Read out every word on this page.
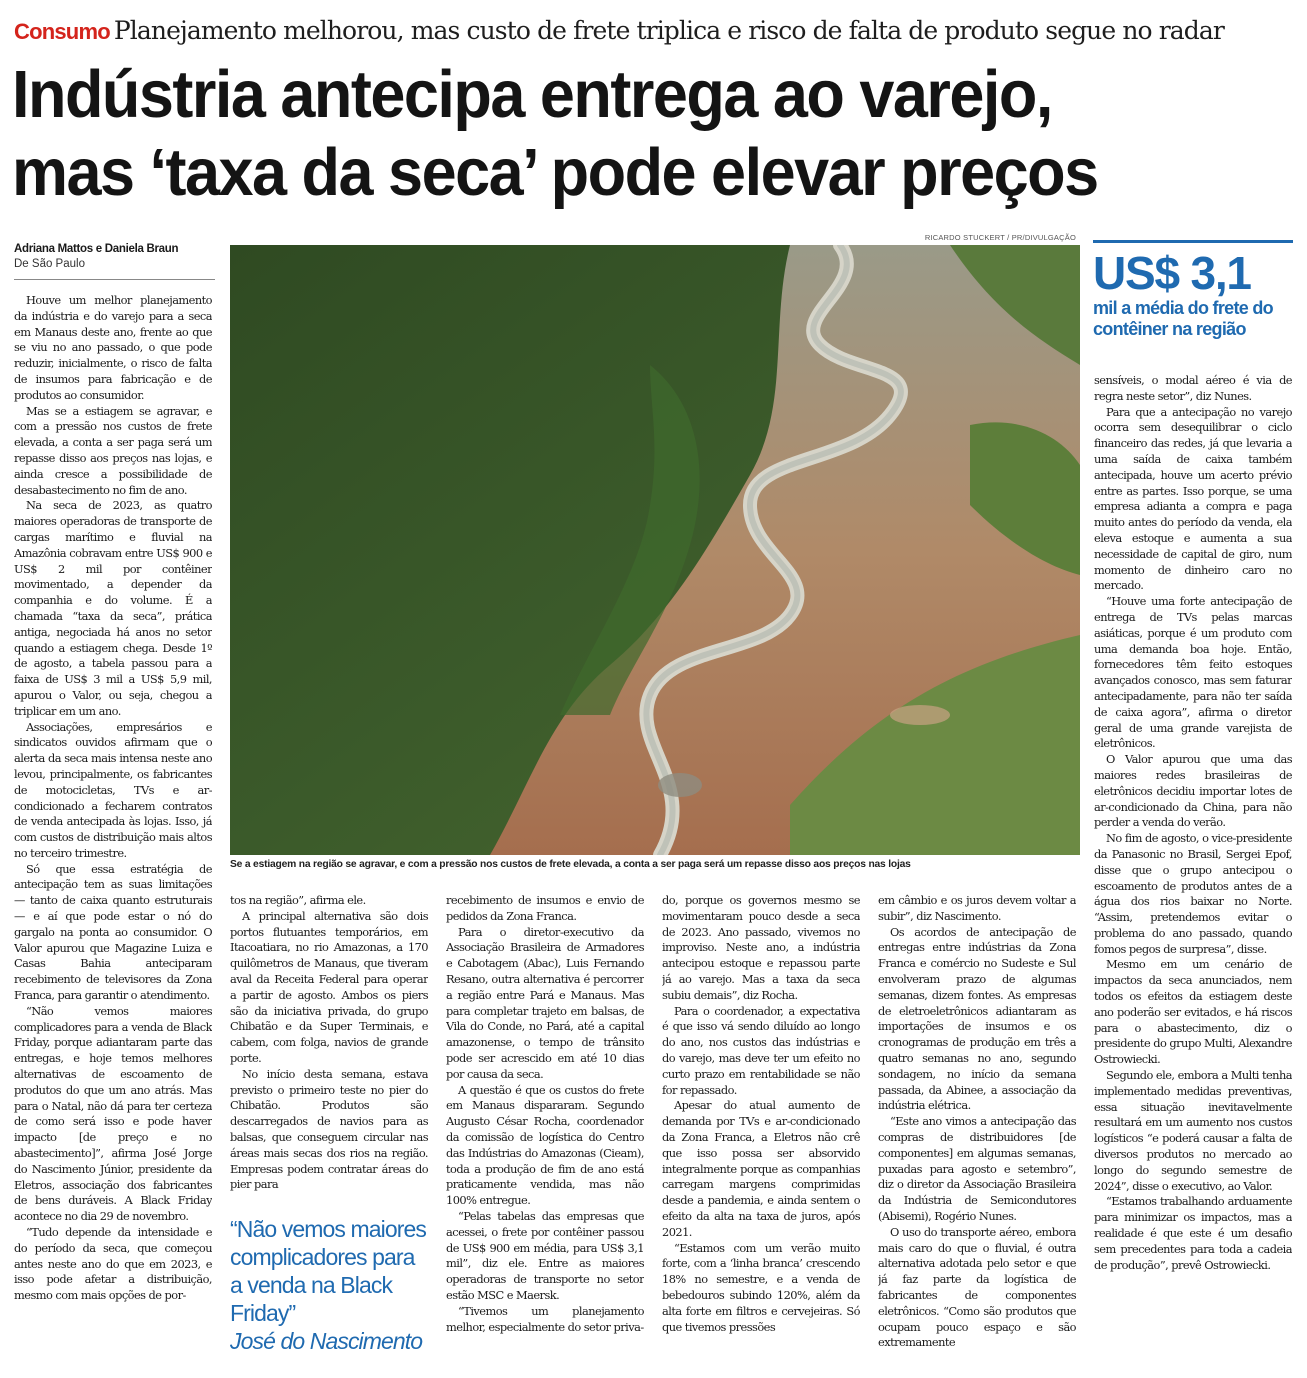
Consumo Planejamento melhorou, mas custo de frete triplica e risco de falta de produto segue no radar
Indústria antecipa entrega ao varejo,
mas ‘taxa da seca’ pode elevar preços
Adriana Mattos e Daniela Braun
De São Paulo
RICARDO STUCKERT / PR/DIVULGAÇÃO
Se a estiagem na região se agravar, e com a pressão nos custos de frete elevada, a conta a ser paga será um repasse disso aos preços nas lojas
US$ 3,1
mil a média do frete do contêiner na região

Houve um melhor planejamento da indústria e do varejo para a seca em Manaus deste ano, frente ao que se viu no ano passado, o que pode reduzir, inicialmente, o risco de falta de insumos para fabricação e de produtos ao consumidor.

Mas se a estiagem se agravar, e com a pressão nos custos de frete elevada, a conta a ser paga será um repasse disso aos preços nas lojas, e ainda cresce a possibilidade de desabastecimento no fim de ano.

Na seca de 2023, as quatro maiores operadoras de transporte de cargas marítimo e fluvial na Amazônia cobravam entre US$ 900 e US$ 2 mil por contêiner movimentado, a depender da companhia e do volume. É a chamada “taxa da seca”, prática antiga, negociada há anos no setor quando a estiagem chega. Desde 1º de agosto, a tabela passou para a faixa de US$ 3 mil a US$ 5,9 mil, apurou o Valor, ou seja, chegou a triplicar em um ano.

Associações, empresários e sindicatos ouvidos afirmam que o alerta da seca mais intensa neste ano levou, principalmente, os fabricantes de motocicletas, TVs e ar-condicionado a fecharem contratos de venda antecipada às lojas. Isso, já com custos de distribuição mais altos no terceiro trimestre.

Só que essa estratégia de antecipação tem as suas limitações — tanto de caixa quanto estruturais — e aí que pode estar o nó do gargalo na ponta ao consumidor. O Valor apurou que Magazine Luiza e Casas Bahia anteciparam recebimento de televisores da Zona Franca, para garantir o atendimento.

“Não vemos maiores complicadores para a venda de Black Friday, porque adiantaram parte das entregas, e hoje temos melhores alternativas de escoamento de produtos do que um ano atrás. Mas para o Natal, não dá para ter certeza de como será isso e pode haver impacto [de preço e no abastecimento]”, afirma José Jorge do Nascimento Júnior, presidente da Eletros, associação dos fabricantes de bens duráveis. A Black Friday acontece no dia 29 de novembro.

“Tudo depende da intensidade e do período da seca, que começou antes neste ano do que em 2023, e isso pode afetar a distribuição, mesmo com mais opções de por-

tos na região”, afirma ele.

A principal alternativa são dois portos flutuantes temporários, em Itacoatiara, no rio Amazonas, a 170 quilômetros de Manaus, que tiveram aval da Receita Federal para operar a partir de agosto. Ambos os piers são da iniciativa privada, do grupo Chibatão e da Super Terminais, e cabem, com folga, navios de grande porte.

No início desta semana, estava previsto o primeiro teste no pier do Chibatão. Produtos são descarregados de navios para as balsas, que conseguem circular nas áreas mais secas dos rios na região. Empresas podem contratar áreas do pier para

recebimento de insumos e envio de pedidos da Zona Franca.

Para o diretor-executivo da Associação Brasileira de Armadores e Cabotagem (Abac), Luis Fernando Resano, outra alternativa é percorrer a região entre Pará e Manaus. Mas para completar trajeto em balsas, de Vila do Conde, no Pará, até a capital amazonense, o tempo de trânsito pode ser acrescido em até 10 dias por causa da seca.

A questão é que os custos do frete em Manaus dispararam. Segundo Augusto César Rocha, coordenador da comissão de logística do Centro das Indústrias do Amazonas (Cieam), toda a produção de fim de ano está praticamente vendida, mas não 100% entregue.

“Pelas tabelas das empresas que acessei, o frete por contêiner passou de US$ 900 em média, para US$ 3,1 mil”, diz ele. Entre as maiores operadoras de transporte no setor estão MSC e Maersk.

“Tivemos um planejamento melhor, especialmente do setor priva-

do, porque os governos mesmo se movimentaram pouco desde a seca de 2023. Ano passado, vivemos no improviso. Neste ano, a indústria antecipou estoque e repassou parte já ao varejo. Mas a taxa da seca subiu demais”, diz Rocha.

Para o coordenador, a expectativa é que isso vá sendo diluído ao longo do ano, nos custos das indústrias e do varejo, mas deve ter um efeito no curto prazo em rentabilidade se não for repassado.

Apesar do atual aumento de demanda por TVs e ar-condicionado da Zona Franca, a Eletros não crê que isso possa ser absorvido integralmente porque as companhias carregam margens comprimidas desde a pandemia, e ainda sentem o efeito da alta na taxa de juros, após 2021.

“Estamos com um verão muito forte, com a ‘linha branca’ crescendo 18% no semestre, e a venda de bebedouros subindo 120%, além da alta forte em filtros e cervejeiras. Só que tivemos pressões

em câmbio e os juros devem voltar a subir”, diz Nascimento.

Os acordos de antecipação de entregas entre indústrias da Zona Franca e comércio no Sudeste e Sul envolveram prazo de algumas semanas, dizem fontes. As empresas de eletroeletrônicos adiantaram as importações de insumos e os cronogramas de produção em três a quatro semanas no ano, segundo sondagem, no início da semana passada, da Abinee, a associação da indústria elétrica.

“Este ano vimos a antecipação das compras de distribuidores [de componentes] em algumas semanas, puxadas para agosto e setembro”, diz o diretor da Associação Brasileira da Indústria de Semicondutores (Abisemi), Rogério Nunes.

O uso do transporte aéreo, embora mais caro do que o fluvial, é outra alternativa adotada pelo setor e que já faz parte da logística de fabricantes de componentes eletrônicos. “Como são produtos que ocupam pouco espaço e são extremamente

sensíveis, o modal aéreo é via de regra neste setor”, diz Nunes.

Para que a antecipação no varejo ocorra sem desequilibrar o ciclo financeiro das redes, já que levaria a uma saída de caixa também antecipada, houve um acerto prévio entre as partes. Isso porque, se uma empresa adianta a compra e paga muito antes do período da venda, ela eleva estoque e aumenta a sua necessidade de capital de giro, num momento de dinheiro caro no mercado.

“Houve uma forte antecipação de entrega de TVs pelas marcas asiáticas, porque é um produto com uma demanda boa hoje. Então, fornecedores têm feito estoques avançados conosco, mas sem faturar antecipadamente, para não ter saída de caixa agora”, afirma o diretor geral de uma grande varejista de eletrônicos.

O Valor apurou que uma das maiores redes brasileiras de eletrônicos decidiu importar lotes de ar-condicionado da China, para não perder a venda do verão.

No fim de agosto, o vice-presidente da Panasonic no Brasil, Sergei Epof, disse que o grupo antecipou o escoamento de produtos antes de a água dos rios baixar no Norte. “Assim, pretendemos evitar o problema do ano passado, quando fomos pegos de surpresa”, disse.

Mesmo em um cenário de impactos da seca anunciados, nem todos os efeitos da estiagem deste ano poderão ser evitados, e há riscos para o abastecimento, diz o presidente do grupo Multi, Alexandre Ostrowiecki.

Segundo ele, embora a Multi tenha implementado medidas preventivas, essa situação inevitavelmente resultará em um aumento nos custos logísticos “e poderá causar a falta de diversos produtos no mercado ao longo do segundo semestre de 2024”, disse o executivo, ao Valor.

“Estamos trabalhando arduamente para minimizar os impactos, mas a realidade é que este é um desafio sem precedentes para toda a cadeia de produção”, prevê Ostrowiecki.

“Não vemos maiores complicadores para a venda na Black Friday”
José do Nascimento
